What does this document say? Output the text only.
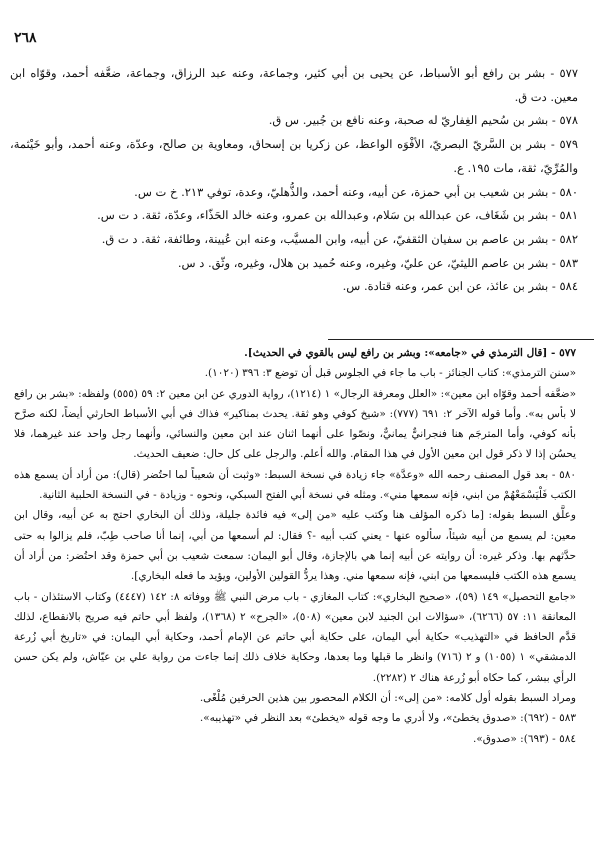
٢٦٨

٥٧٧ - بشر بن رافع أبو الأسباط، عن يحيى بن أبي كثير، وجماعة، وعنه عبد الرزاق، وجماعة، ضعَّفه أحمد، وقوّاه ابن معين. دت ق.

٥٧٨ - بشر بن سُحيم الغِفاريّ له صحبة، وعنه نافع بن جُبير. س ق.

٥٧٩ - بشر بن السَّريّ البصريّ، الأفْوَه الواعظ، عن زكريا بن إسحاق، ومعاوية بن صالح، وعدّة، وعنه أحمد، وأبو خَيْثمة، والمُرِّيّ، ثقة، مات ١٩٥. ع.

٥٨٠ - بشر بن شعيب بن أبي حمزة، عن أبيه، وعنه أحمد، والذُّهليّ، وعدة، توفي ٢١٣. خ ت س.

٥٨١ - بشر بن شَغَاف، عن عبدالله بن سَلام، وعبدالله بن عمرو، وعنه خالد الحَذّاء، وعدّة، ثقة. د ت س.

٥٨٢ - بشر بن عاصم بن سفيان الثقفيّ، عن أبيه، وابن المسيَّب، وعنه ابن عُيينة، وطائفة، ثقة. د ت ق.

٥٨٣ - بشر بن عاصم الليثيّ، عن عليّ، وغيره، وعنه حُميد بن هلال، وغيره، وثّق. د س.

٥٨٤ - بشر بن عائذ، عن ابن عمر، وعنه قتادة. س.

٥٧٧ - [قال الترمذي في «جامعه»: وبشر بن رافع ليس بالقوي في الحديث].

«سنن الترمذي»: كتاب الجنائز - باب ما جاء في الجلوس قبل أن توضع ٣: ٣٩٦ (١٠٢٠).

«ضعَّفه أحمد وقوّاه ابن معين»: «العلل ومعرفة الرجال» ١ (١٢١٤)، رواية الدوري عن ابن معين ٢: ٥٩ (٥٥٥) ولفظه: «بشر بن رافع لا بأس به». وأما قوله الآخر ٢: ٦٩١ (٧٧٧): «شيخ كوفي وهو ثقة. يحدث بمناكير» فذاك في أبي الأسباط الحارثي أيضاً، لكنه صرَّح بأنه كوفي، وأما المترجَم هنا فنجرانيٌّ يمانيٌّ، ونصّوا على أنهما اثنان عند ابن معين والنسائي، وأنهما رجل واحد عند غيرهما، فلا يحسُن إذا لا ذكر قول ابن معين الأول في هذا المقام. والله أعلم. والرجل على كل حال: ضعيف الحديث.

٥٨٠ - بعد قول المصنف رحمه الله «وعدَّة» جاء زيادة في نسخة السبط: «وثبت أن شعيباً لما احتُضر (قال): من أراد أن يسمع هذه الكتب فَلْيَسْمَعْهُمْ من ابني، فإنه سمعها مني». ومثله في نسخة أبي الفتح السبكي، ونحوه - وزيادة - في النسخة الحلبية الثانية.

وعلَّق السبط بقوله: [ما ذكره المؤلف هنا وكتب عليه «من إلى» فيه فائدة جليلة، وذلك أن البخاري احتج به عن أبيه، وقال ابن معين: لم يسمع من أبيه شيئاً، سألوه عنها - يعني كتب أبيه -؟ فقال: لم أسمعها من أبي، إنما أنا صاحب طِبّ، فلم يزالوا به حتى حدَّثهم بها. وذكر غيره: أن روايته عن أبيه إنما هي بالإجازة، وقال أبو اليمان: سمعت شعيب بن أبي حمزة وقد احتُضر: من أراد أن يسمع هذه الكتب فليسمعها من ابني، فإنه سمعها مني. وهذا يردُّ القولين الأولين، ويؤيد ما فعله البخاري].

«جامع التحصيل» ١٤٩ (٥٩)، «صحيح البخاري»: كتاب المغازي - باب مرض النبي ﷺ ووفاته ٨: ١٤٢ (٤٤٤٧) وكتاب الاستئذان - باب المعانقة ١١: ٥٧ (٦٢٦٦)، «سؤالات ابن الجنيد لابن معين» (٥٠٨)، «الجرح» ٢ (١٣٦٨)، ولفظ أبي حاتم فيه صريح بالانقطاع، لذلك قدَّم الحافظ في «التهذيب» حكاية أبي اليمان، على حكاية أبي حاتم عن الإمام أحمد، وحكاية أبي اليمان: في «تاريخ أبي زُرعة الدمشقي» ١ (١٠٥٥) و ٢ (٧١٦) وانظر ما قبلها وما بعدها، وحكاية خلاف ذلك إنما جاءت من رواية علي بن عيّاش، ولم يكن حسن الرأي ببشر، كما حكاه أبو زُرعة هناك ٢ (٢٢٨٢).

ومراد السبط بقوله أول كلامه: «من إلى»: أن الكلام المحصور بين هذين الحرفين مُلْغًى.

٥٨٣ - (٦٩٢): «صدوق يخطئ»، ولا أدري ما وجه قوله «يخطئ» بعد النظر في «تهذيبه».

٥٨٤ - (٦٩٣): «صدوق».
